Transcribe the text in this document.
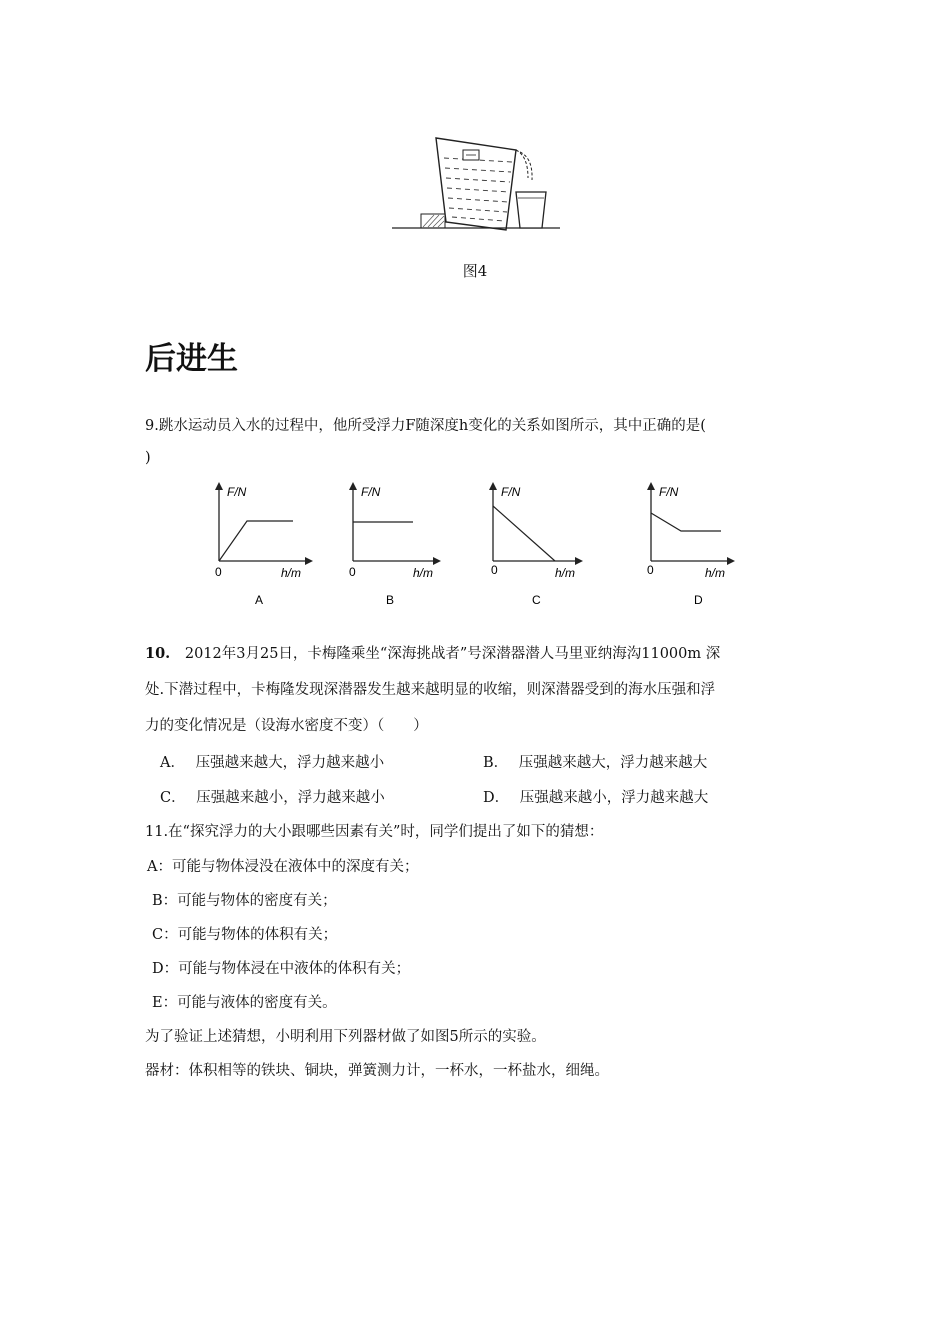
图4
后进生
9.跳水运动员入水的过程中，他所受浮力F随深度h变化的关系如图所示，其中正确的是(
)
F/N
0	h/m
A
F/N
0	h/m
B
F/N
0	h/m
C
F/N
0	h/m
D
10. 2012年3月25日，卡梅隆乘坐“深海挑战者”号深潜器潜人马里亚纳海沟11000m 深
处.下潜过程中，卡梅隆发现深潜器发生越来越明显的收缩，则深潜器受到的海水压强和浮
力的变化情况是（设海水密度不变）（　　）
A． 压强越来越大，浮力越来越小	B． 压强越来越大，浮力越来越大
C． 压强越来越小，浮力越来越小	D． 压强越来越小，浮力越来越大
11.在“探究浮力的大小跟哪些因素有关”时，同学们提出了如下的猜想：
A：可能与物体浸没在液体中的深度有关；
B：可能与物体的密度有关；
C：可能与物体的体积有关；
D：可能与物体浸在中液体的体积有关；
E：可能与液体的密度有关。
为了验证上述猜想，小明利用下列器材做了如图5所示的实验。
器材：体积相等的铁块、铜块，弹簧测力计，一杯水，一杯盐水，细绳。
